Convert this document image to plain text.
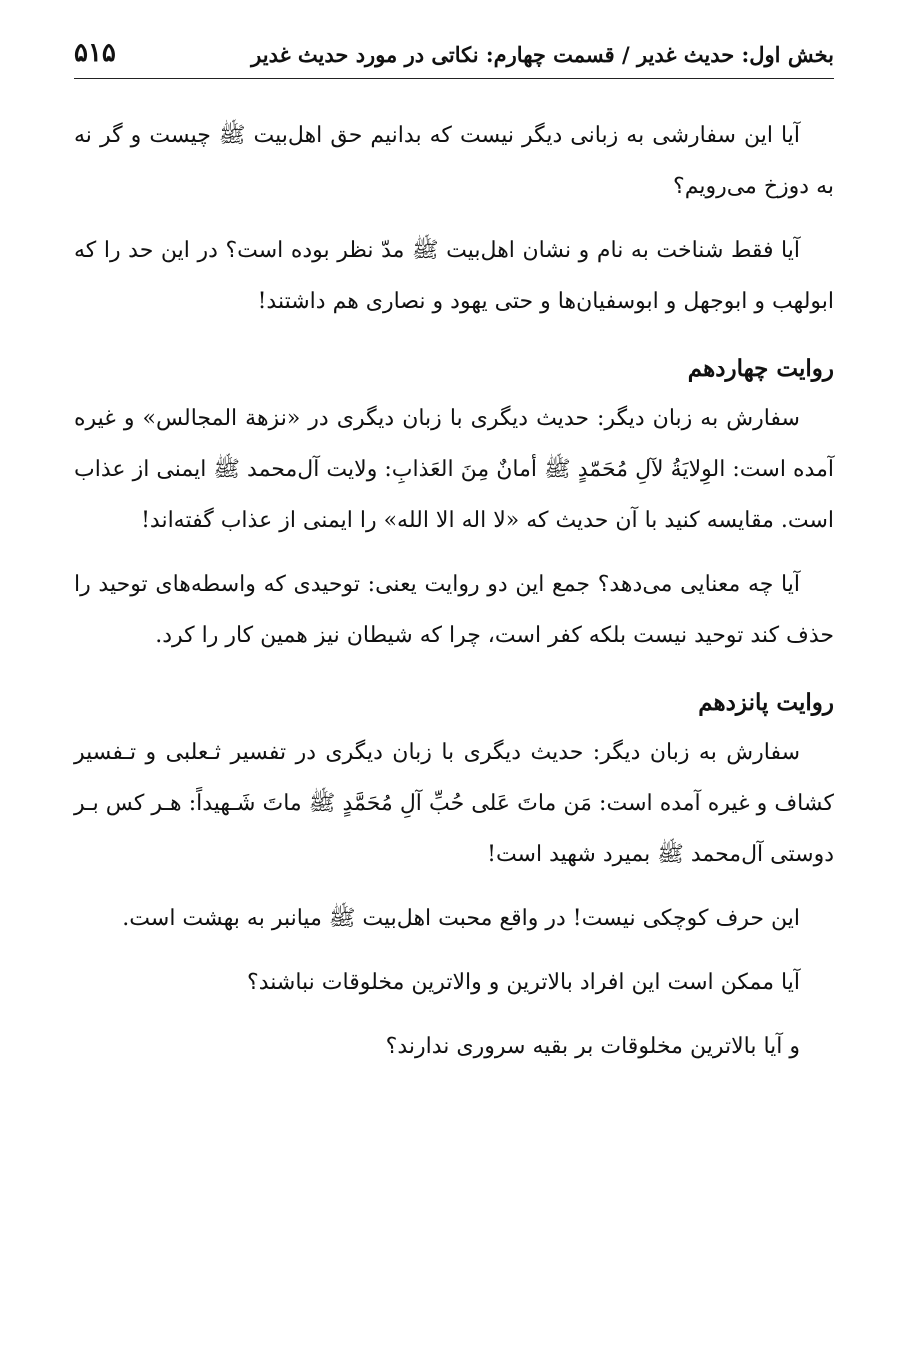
بخش اول: حدیث غدیر / قسمت چهارم: نکاتی در مورد حدیث غدیر
۵۱۵

آیا این سفارشی به زبانی دیگر نیست که بدانیم حق اهل‌بیت ﷺ چیست و گر نه به دوزخ می‌رویم؟

آیا فقط شناخت به نام و نشان اهل‌بیت ﷺ مدّ نظر بوده است؟ در این حد را که ابولهب و ابوجهل و ابوسفیان‌ها و حتی یهود و نصاری هم داشتند!

روایت چهاردهم

سفارش به زبان دیگر: حدیث دیگری با زبان دیگری در «نزهة المجالس» و غیره آمده است: الوِلایَةُ لآلِ مُحَمّدٍ ﷺ أمانٌ مِنَ العَذابِ: ولایت آل‌محمد ﷺ ایمنی از عذاب است. مقایسه کنید با آن حدیث که «لا اله الا الله» را ایمنی از عذاب گفته‌اند!

آیا چه معنایی می‌دهد؟ جمع این دو روایت یعنی: توحیدی که واسطه‌های توحید را حذف کند توحید نیست بلکه کفر است، چرا که شیطان نیز همین کار را کرد.

روایت پانزدهم

سفارش به زبان دیگر: حدیث دیگری با زبان دیگری در تفسیر ثـعلبی و تـفسیر کشاف و غیره آمده است: مَن ماتَ عَلی حُبِّ آلِ مُحَمَّدٍ ﷺ ماتَ شَـهیداً: هـر کس بـر دوستی آل‌محمد ﷺ بمیرد شهید است!

این حرف کوچکی نیست! در واقع محبت اهل‌بیت ﷺ میانبر به بهشت است.

آیا ممکن است این افراد بالاترین و والاترین مخلوقات نباشند؟

و آیا بالاترین مخلوقات بر بقیه سروری ندارند؟
